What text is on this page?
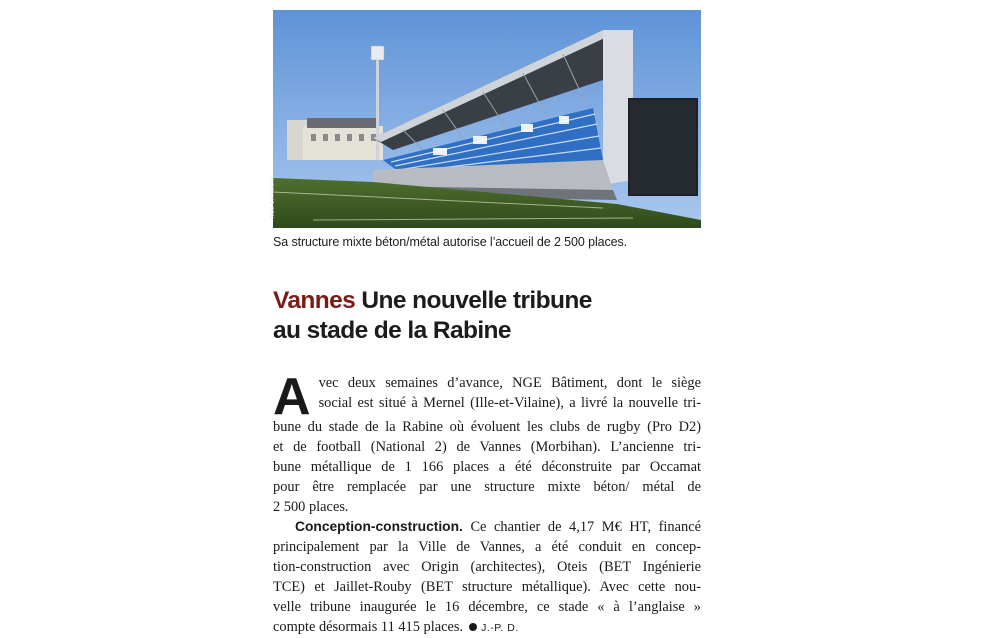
NGE BATIMENT
Sa structure mixte béton/métal autorise l’accueil de 2 500 places.
Vannes Une nouvelle tribune
au stade de la Rabine
A vec deux semaines d’avance, NGE Bâtiment, dont le siège
social est situé à Mernel (Ille-et-Vilaine), a livré la nouvelle tri-
bune du stade de la Rabine où évoluent les clubs de rugby (Pro D2)
et de football (National 2) de Vannes (Morbihan). L’ancienne tri-
bune métallique de 1 166 places a été déconstruite par Occamat
pour être remplacée par une structure mixte béton/ métal de
2 500 places.
Conception-construction. Ce chantier de 4,17 M€ HT, financé
principalement par la Ville de Vannes, a été conduit en concep-
tion-construction avec Origin (architectes), Oteis (BET Ingénierie
TCE) et Jaillet-Rouby (BET structure métallique). Avec cette nou-
velle tribune inaugurée le 16 décembre, ce stade « à l’anglaise »
compte désormais 11 415 places. J.-P. D.
